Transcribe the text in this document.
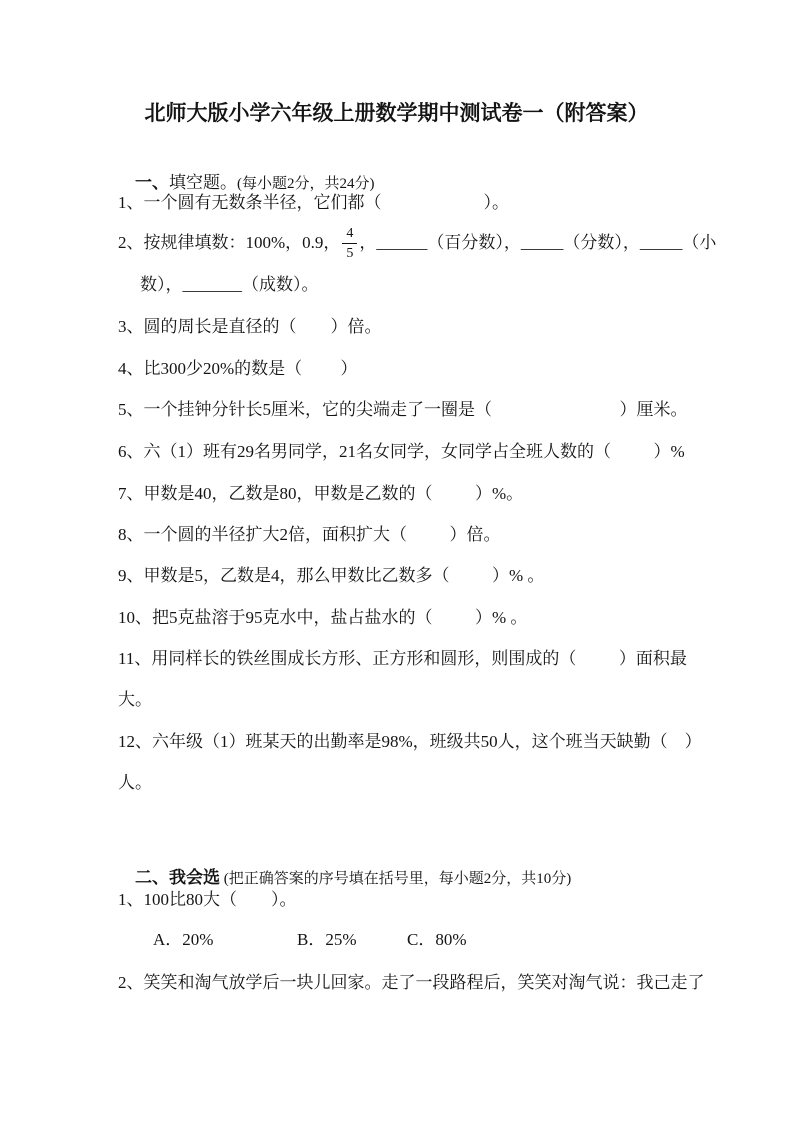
北师大版小学六年级上册数学期中测试卷一（附答案）

一、填空题。(每小题2分，共24分)

1、一个圆有无数条半径，它们都（                        ）。
2、按规律填数：100%，0.9， $\frac{4}{5}$ ，______（百分数），_____（分数），_____（小
数），_______（成数）。
3、圆的周长是直径的（        ）倍。
4、比300少20%的数是（         ）
5、一个挂钟分针长5厘米，它的尖端走了一圈是（                              ）厘米。
6、六（1）班有29名男同学，21名女同学，女同学占全班人数的（          ）%
7、甲数是40，乙数是80，甲数是乙数的（          ）%。
8、一个圆的半径扩大2倍，面积扩大（          ）倍。
9、甲数是5，乙数是4，那么甲数比乙数多（          ）% 。
10、把5克盐溶于95克水中，盐占盐水的（          ）% 。
11、用同样长的铁丝围成长方形、正方形和圆形，则围成的（          ）面积最
大。
12、六年级（1）班某天的出勤率是98%，班级共50人，这个班当天缺勤（    ）
人。

二、我会选 (把正确答案的序号填在括号里，每小题2分，共10分)

1、100比80大（        ）。
A．20%	B．25%	C．80%
2、笑笑和淘气放学后一块儿回家。走了一段路程后，笑笑对淘气说：我己走了
